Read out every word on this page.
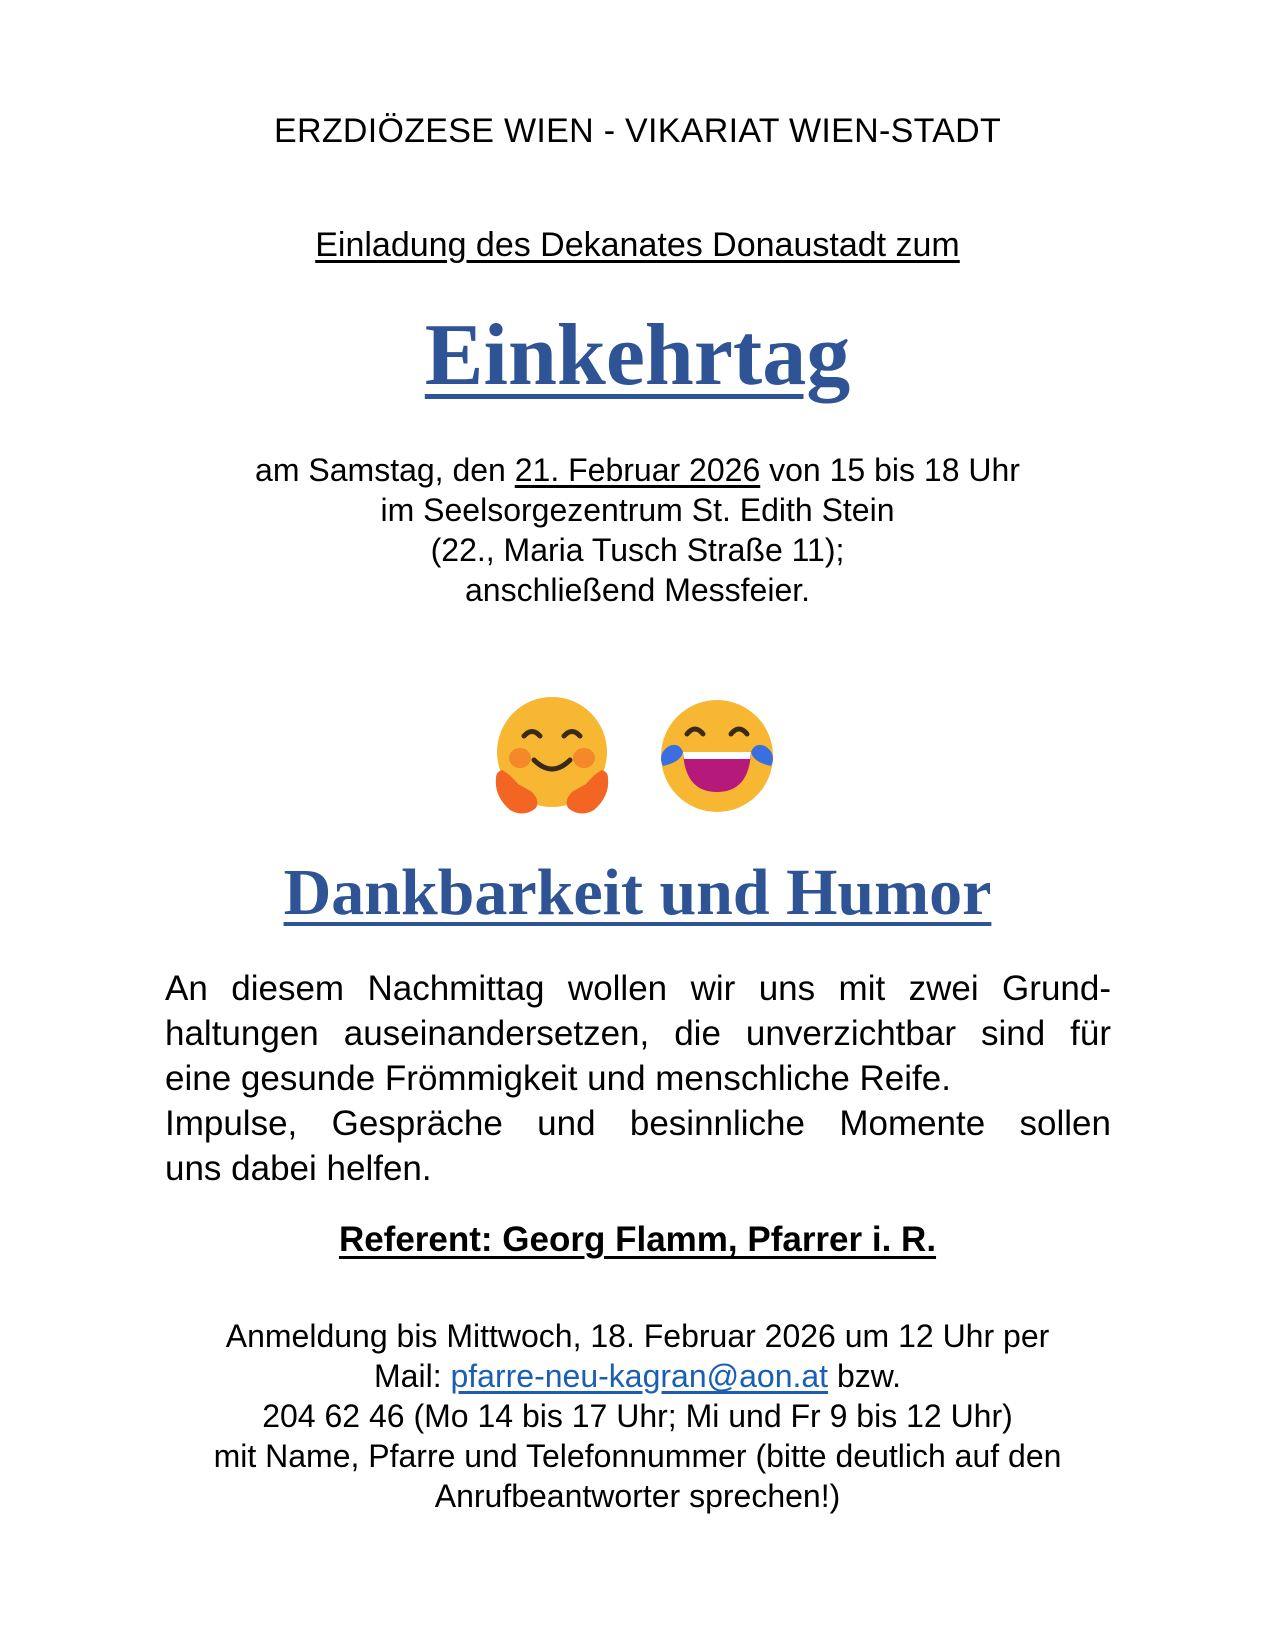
ERZDIÖZESE WIEN - VIKARIAT WIEN-STADT
Einladung des Dekanates Donaustadt zum
Einkehrtag
am Samstag, den 21. Februar 2026 von 15 bis 18 Uhr
im Seelsorgezentrum St. Edith Stein
(22., Maria Tusch Straße 11);
anschließend Messfeier.
Dankbarkeit und Humor
An diesem Nachmittag wollen wir uns mit zwei Grund-
haltungen auseinandersetzen, die unverzichtbar sind für
eine gesunde Frömmigkeit und menschliche Reife.
Impulse, Gespräche und besinnliche Momente sollen
uns dabei helfen.
Referent: Georg Flamm, Pfarrer i. R.
Anmeldung bis Mittwoch, 18. Februar 2026 um 12 Uhr per
Mail: pfarre-neu-kagran@aon.at bzw.
204 62 46 (Mo 14 bis 17 Uhr; Mi und Fr 9 bis 12 Uhr)
mit Name, Pfarre und Telefonnummer (bitte deutlich auf den
Anrufbeantworter sprechen!)
